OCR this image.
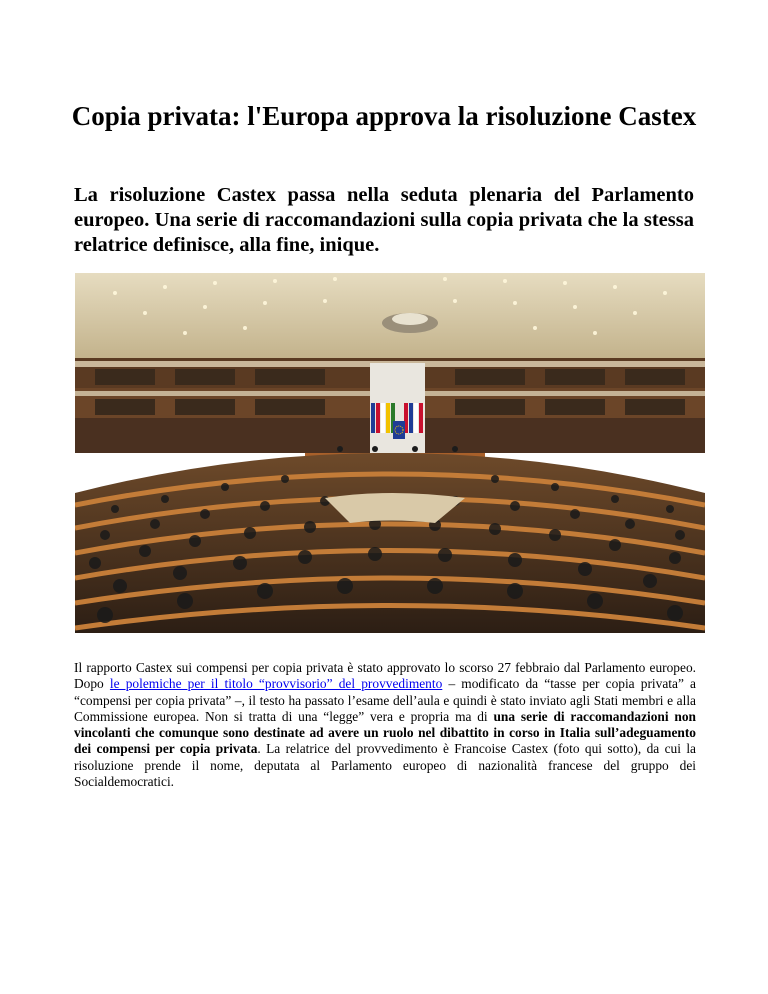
Copia privata: l'Europa approva la risoluzione Castex

La risoluzione Castex passa nella seduta plenaria del Parlamento europeo. Una serie di raccomandazioni sulla copia privata che la stessa relatrice definisce, alla fine, inique.

Il rapporto Castex sui compensi per copia privata è stato approvato lo scorso 27 febbraio dal Parlamento europeo. Dopo le polemiche per il titolo “provvisorio” del provvedimento – modificato da “tasse per copia privata” a “compensi per copia privata” –, il testo ha passato l’esame dell’aula e quindi è stato inviato agli Stati membri e alla Commissione europea. Non si tratta di una “legge” vera e propria ma di una serie di raccomandazioni non vincolanti che comunque sono destinate ad avere un ruolo nel dibattito in corso in Italia sull’adeguamento dei compensi per copia privata. La relatrice del provvedimento è Francoise Castex (foto qui sotto), da cui la risoluzione prende il nome, deputata al Parlamento europeo di nazionalità francese del gruppo dei Socialdemocratici.
